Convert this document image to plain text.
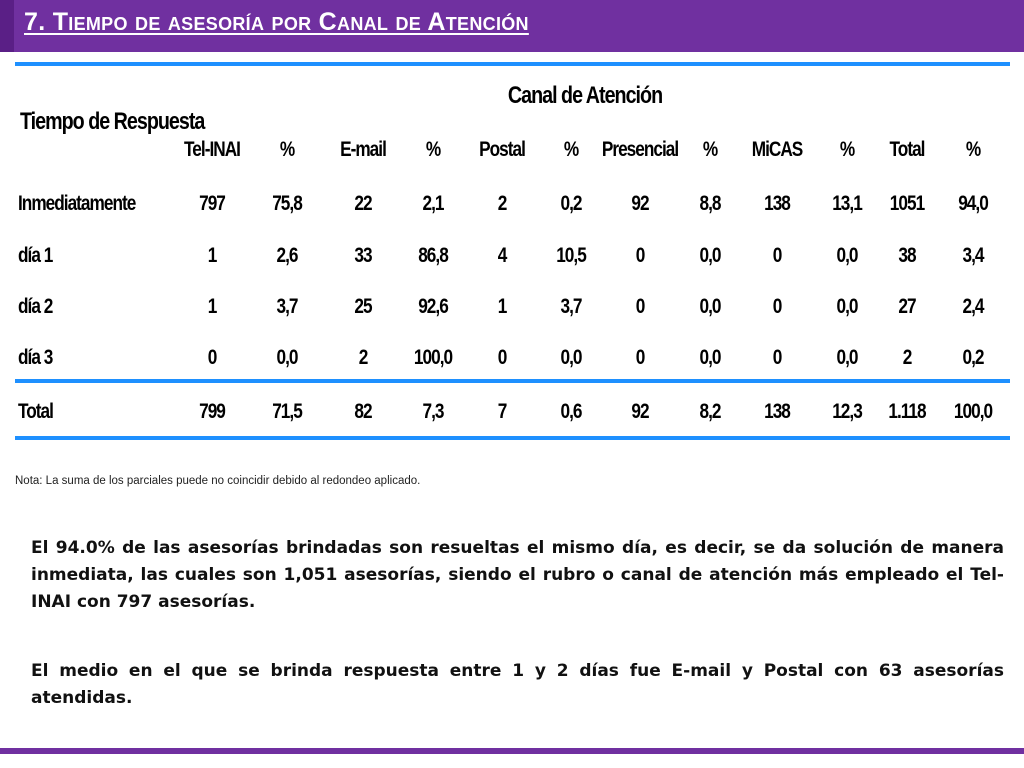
7. Tiempo de asesoría por Canal de Atención
Tiempo de Respuesta
Canal de Atención
Tel-INAI	%	E-mail	%	Postal	%	Presencial	%	MiCAS	%	Total	%
Inmediatamente	797	75,8	22	2,1	2	0,2	92	8,8	138	13,1	1051	94,0
día 1	1	2,6	33	86,8	4	10,5	0	0,0	0	0,0	38	3,4
día 2	1	3,7	25	92,6	1	3,7	0	0,0	0	0,0	27	2,4
día 3	0	0,0	2	100,0	0	0,0	0	0,0	0	0,0	2	0,2
Total	799	71,5	82	7,3	7	0,6	92	8,2	138	12,3	1.118	100,0
Nota: La suma de los parciales puede no coincidir debido al redondeo aplicado.
El 94.0% de las asesorías brindadas son resueltas el mismo día, es decir, se da solución de manera inmediata, las cuales son 1,051 asesorías, siendo el rubro o canal de atención más empleado el Tel-INAI con 797 asesorías.
El medio en el que se brinda respuesta entre 1 y 2 días fue E-mail y Postal con 63 asesorías atendidas.
